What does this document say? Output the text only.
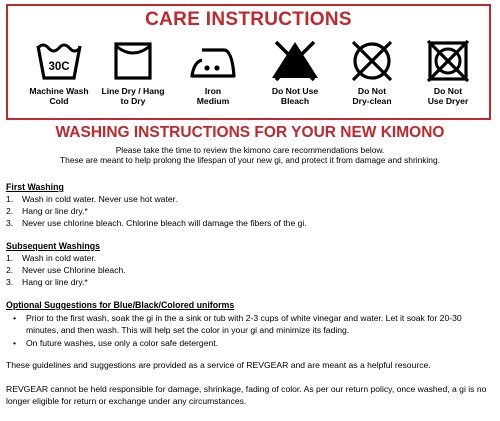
CARE INSTRUCTIONS
30C
Machine Wash
Cold
Line Dry / Hang
to Dry
Iron
Medium
Do Not Use
Bleach
Do Not
Dry-clean
Do Not
Use Dryer
WASHING INSTRUCTIONS FOR YOUR NEW KIMONO
Please take the time to review the kimono care recommendations below.
These are meant to help prolong the lifespan of your new gi, and protect it from damage and shrinking.
First Washing
1. Wash in cold water. Never use hot water.
2. Hang or line dry.*
3. Never use chlorine bleach. Chlorine bleach will damage the fibers of the gi.
Subsequent Washings
1. Wash in cold water.
2. Never use Chlorine bleach.
3. Hang or line dry.*
Optional Suggestions for Blue/Black/Colored uniforms
• Prior to the first wash, soak the gi in the a sink or tub with 2-3 cups of white vinegar and water. Let it soak for 20-30 minutes, and then wash. This will help set the color in your gi and minimize its fading.
• On future washes, use only a color safe detergent.
These guidelines and suggestions are provided as a service of REVGEAR and are meant as a helpful resource.
REVGEAR cannot be held responsible for damage, shrinkage, fading of color. As per our return policy, once washed, a gi is no longer eligible for return or exchange under any circumstances.
